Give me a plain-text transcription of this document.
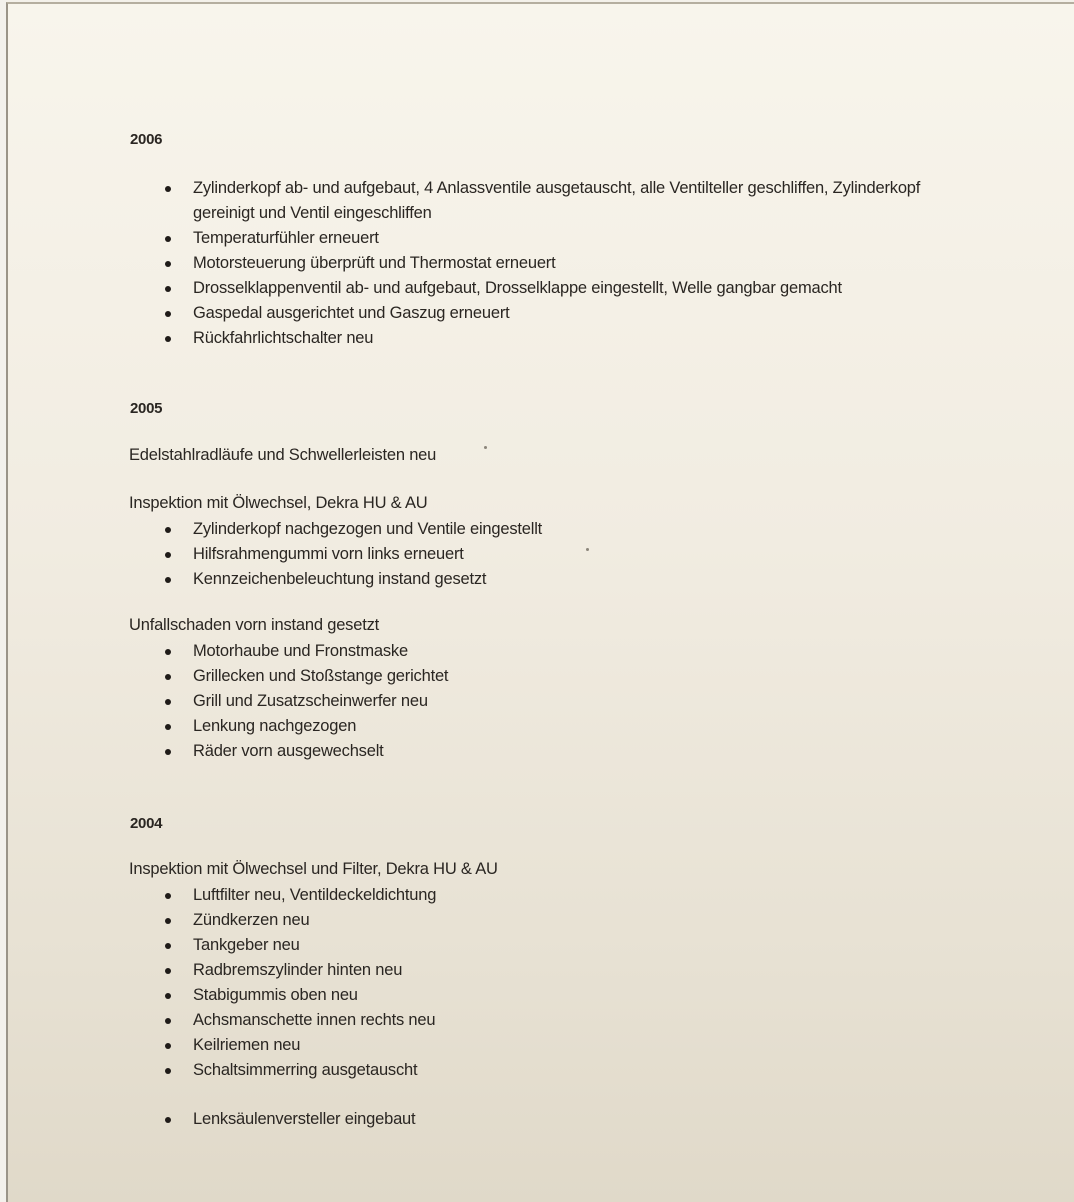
2006
Zylinderkopf ab- und aufgebaut, 4 Anlassventile ausgetauscht, alle Ventilteller geschliffen, Zylinderkopf gereinigt und Ventil eingeschliffen
Temperaturfühler erneuert
Motorsteuerung überprüft und Thermostat erneuert
Drosselklappenventil ab- und aufgebaut, Drosselklappe eingestellt, Welle gangbar gemacht
Gaspedal ausgerichtet und Gaszug erneuert
Rückfahrlichtschalter neu
2005
Edelstahlradläufe und Schwellerleisten neu
Inspektion mit Ölwechsel, Dekra HU & AU
Zylinderkopf nachgezogen und Ventile eingestellt
Hilfsrahmengummi vorn links erneuert
Kennzeichenbeleuchtung instand gesetzt
Unfallschaden vorn instand gesetzt
Motorhaube und Fronstmaske
Grillecken und Stoßstange gerichtet
Grill und Zusatzscheinwerfer neu
Lenkung nachgezogen
Räder vorn ausgewechselt
2004
Inspektion mit Ölwechsel und Filter, Dekra HU & AU
Luftfilter neu, Ventildeckeldichtung
Zündkerzen neu
Tankgeber neu
Radbremszylinder hinten neu
Stabigummis oben neu
Achsmanschette innen rechts neu
Keilriemen neu
Schaltsimmerring ausgetauscht
Lenksäulenversteller eingebaut
